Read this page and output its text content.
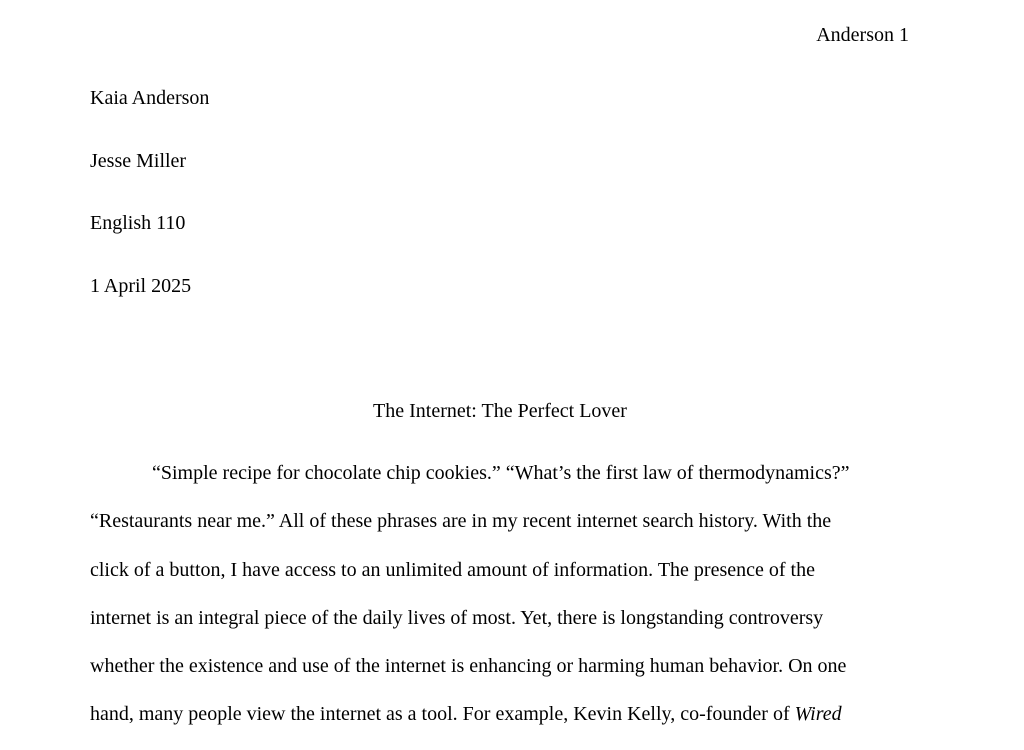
Anderson 1
Kaia Anderson
Jesse Miller
English 110
1 April 2025
The Internet: The Perfect Lover
“Simple recipe for chocolate chip cookies.” “What’s the first law of thermodynamics?”
“Restaurants near me.” All of these phrases are in my recent internet search history. With the
click of a button, I have access to an unlimited amount of information. The presence of the
internet is an integral piece of the daily lives of most. Yet, there is longstanding controversy
whether the existence and use of the internet is enhancing or harming human behavior. On one
hand, many people view the internet as a tool. For example, Kevin Kelly, co-founder of Wired
